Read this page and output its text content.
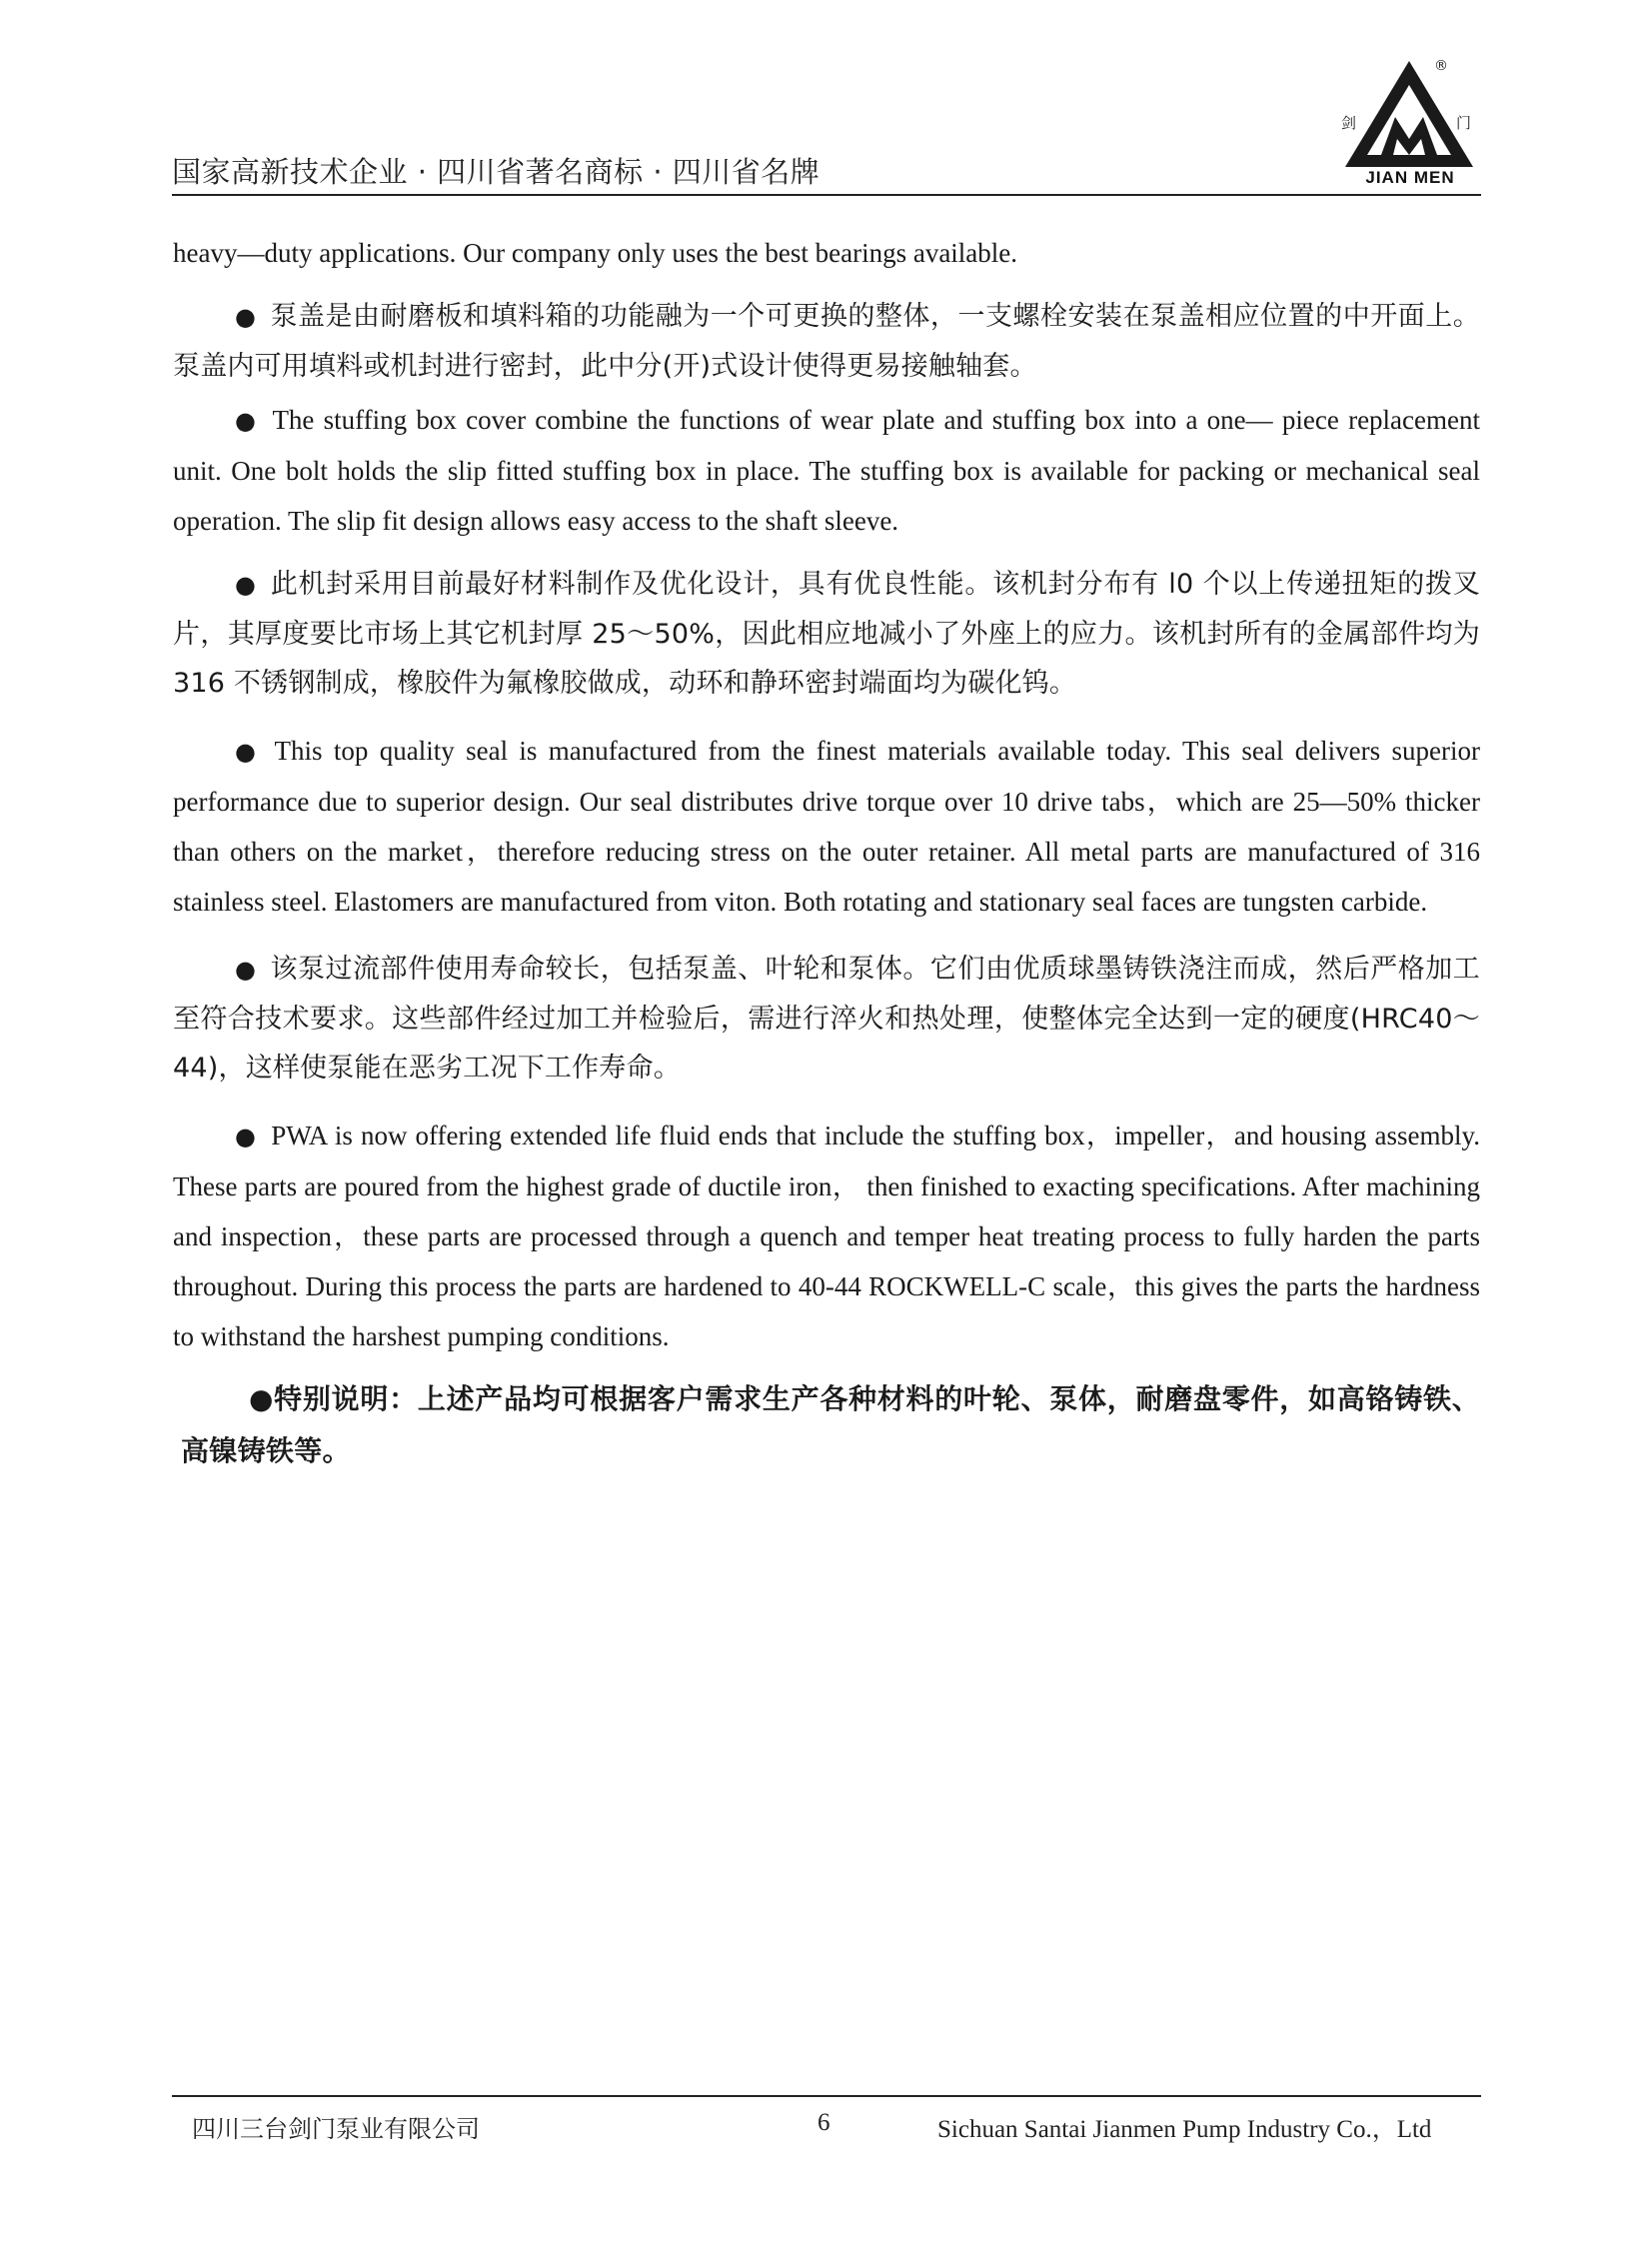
国家高新技术企业 · 四川省著名商标 · 四川省名牌
®
剑	门
JIAN MEN

heavy—duty applications. Our company only uses the best bearings available.

● 泵盖是由耐磨板和填料箱的功能融为一个可更换的整体，一支螺栓安装在泵盖相应位置的中开面上。泵盖内可用填料或机封进行密封，此中分(开)式设计使得更易接触轴套。

● The stuffing box cover combine the functions of wear plate and stuffing box into a one— piece replacement unit. One bolt holds the slip fitted stuffing box in place. The stuffing box is available for packing or mechanical seal operation. The slip fit design allows easy access to the shaft sleeve.

● 此机封采用目前最好材料制作及优化设计，具有优良性能。该机封分布有 l0 个以上传递扭矩的拨叉片，其厚度要比市场上其它机封厚 25～50%，因此相应地减小了外座上的应力。该机封所有的金属部件均为 316 不锈钢制成，橡胶件为氟橡胶做成，动环和静环密封端面均为碳化钨。

● This top quality seal is manufactured from the finest materials available today. This seal delivers superior performance due to superior design. Our seal distributes drive torque over 10 drive tabs，which are 25—50% thicker than others on the market，therefore reducing stress on the outer retainer. All metal parts are manufactured of 316 stainless steel. Elastomers are manufactured from viton. Both rotating and stationary seal faces are tungsten carbide.

● 该泵过流部件使用寿命较长，包括泵盖、叶轮和泵体。它们由优质球墨铸铁浇注而成，然后严格加工至符合技术要求。这些部件经过加工并检验后，需进行淬火和热处理，使整体完全达到一定的硬度(HRC40～44)，这样使泵能在恶劣工况下工作寿命。

● PWA is now offering extended life fluid ends that include the stuffing box，impeller，and housing assembly. These parts are poured from the highest grade of ductile iron， then finished to exacting specifications. After machining and inspection，these parts are processed through a quench and temper heat treating process to fully harden the parts throughout. During this process the parts are hardened to 40-44 ROCKWELL-C scale，this gives the parts the hardness to withstand the harshest pumping conditions.

●特别说明：上述产品均可根据客户需求生产各种材料的叶轮、泵体，耐磨盘零件，如高铬铸铁、高镍铸铁等。

四川三台剑门泵业有限公司	6	Sichuan Santai Jianmen Pump Industry Co.，Ltd
